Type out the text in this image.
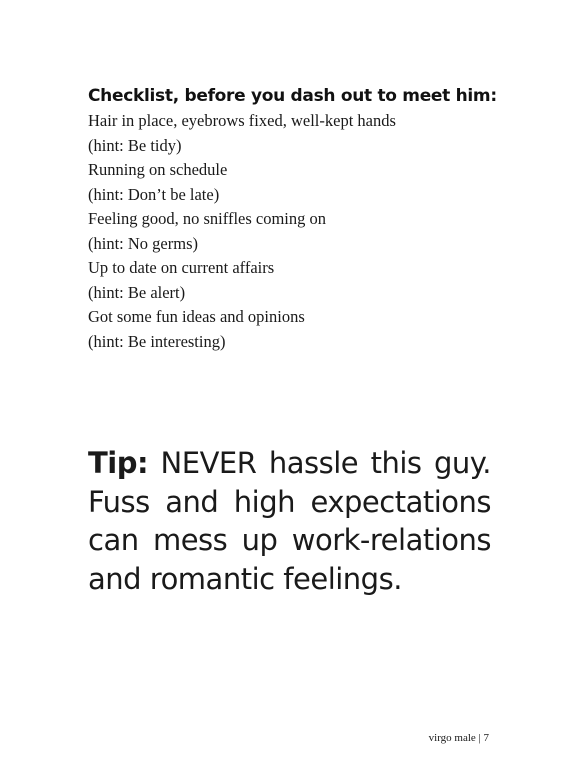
Checklist, before you dash out to meet him:
Hair in place, eyebrows fixed, well-kept hands
(hint: Be tidy)
Running on schedule
(hint: Don’t be late)
Feeling good, no sniffles coming on
(hint: No germs)
Up to date on current affairs
(hint: Be alert)
Got some fun ideas and opinions
(hint: Be interesting)

Tip: NEVER hassle this guy. Fuss and high expectations can mess up work-relations and romantic feelings.

virgo male | 7
